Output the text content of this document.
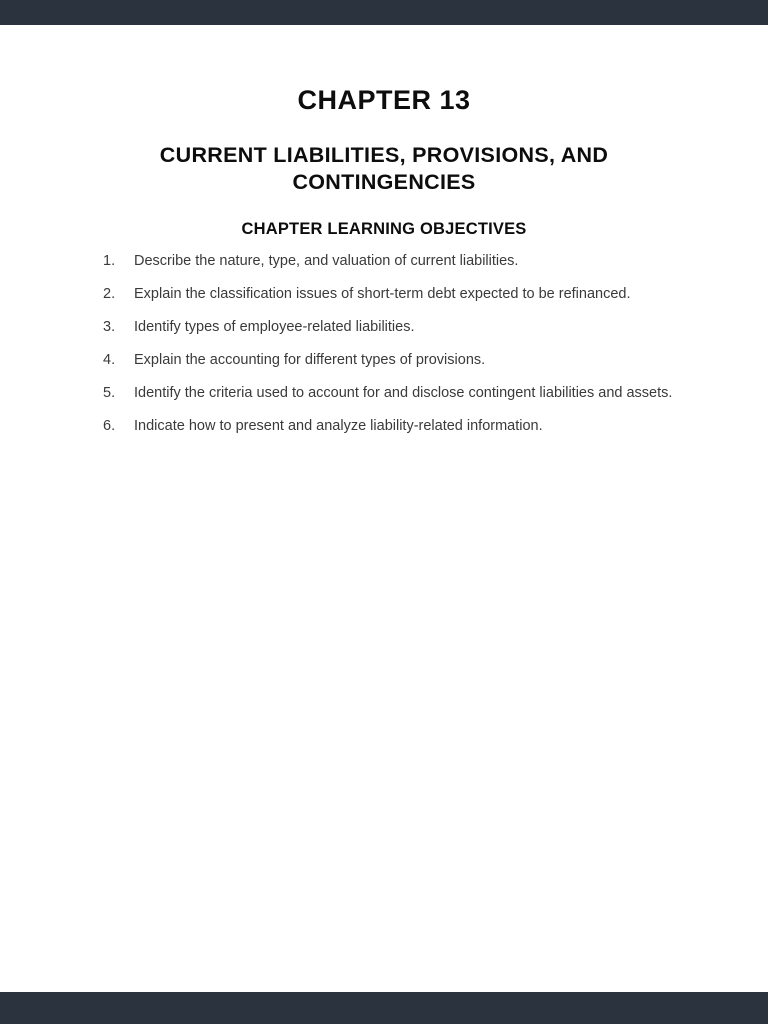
CHAPTER 13
CURRENT LIABILITIES, PROVISIONS, AND
CONTINGENCIES
CHAPTER LEARNING OBJECTIVES
1.	Describe the nature, type, and valuation of current liabilities.
2.	Explain the classification issues of short-term debt expected to be refinanced.
3.	Identify types of employee-related liabilities.
4.	Explain the accounting for different types of provisions.
5.	Identify the criteria used to account for and disclose contingent liabilities and assets.
6.	Indicate how to present and analyze liability-related information.
